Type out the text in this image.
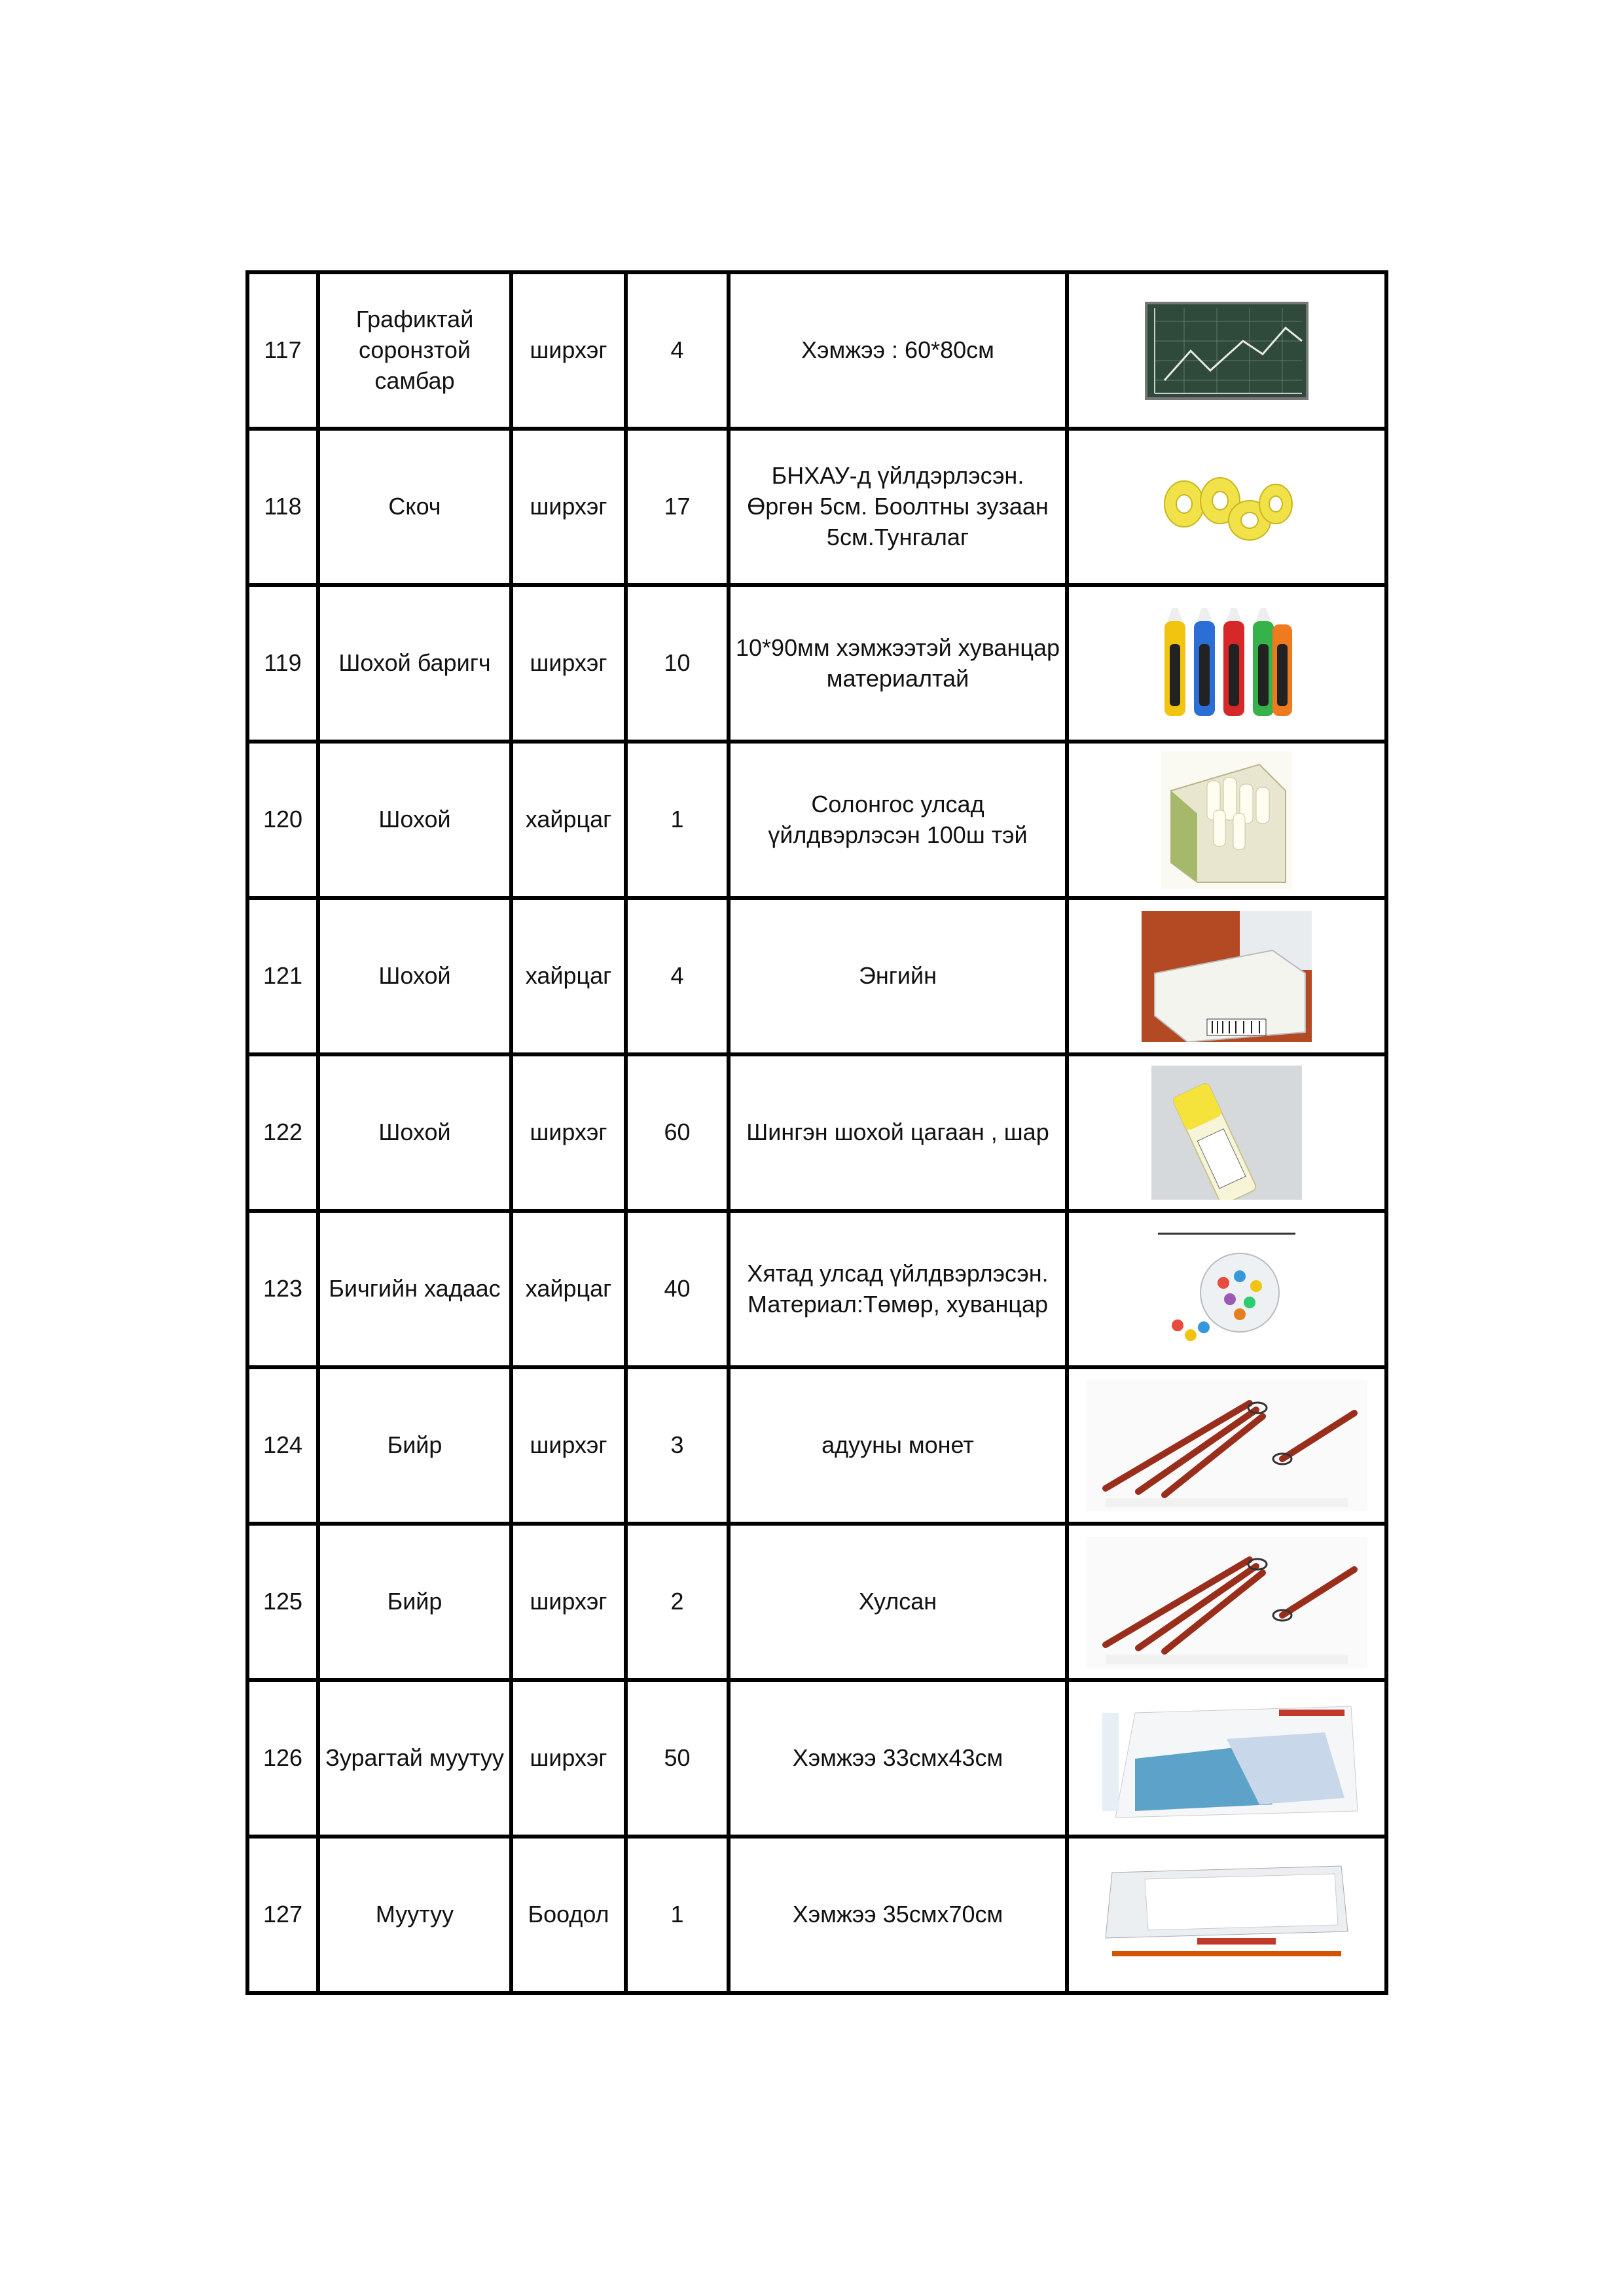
117	Графиктай соронзтой самбар	ширхэг	4	Хэмжээ : 60*80см	

118	Скоч	ширхэг	17	БНХАУ-д үйлдэрлэсэн. Өргөн 5см. Боолтны зузаан 5см.Тунгалаг	

119	Шохой баригч	ширхэг	10	10*90мм хэмжээтэй хуванцар материалтай	

120	Шохой	хайрцаг	1	Солонгос улсад үйлдвэрлэсэн 100ш тэй	

121	Шохой	хайрцаг	4	Энгийн	

122	Шохой	ширхэг	60	Шингэн шохой цагаан , шар	

123	Бичгийн хадаас	хайрцаг	40	Хятад улсад үйлдвэрлэсэн. Материал:Төмөр, хуванцар	

124	Бийр	ширхэг	3	адууны монет	

125	Бийр	ширхэг	2	Хулсан	

126	Зурагтай муутуу	ширхэг	50	Хэмжээ 33смх43см	

127	Муутуу	Боодол	1	Хэмжээ 35смх70см	
